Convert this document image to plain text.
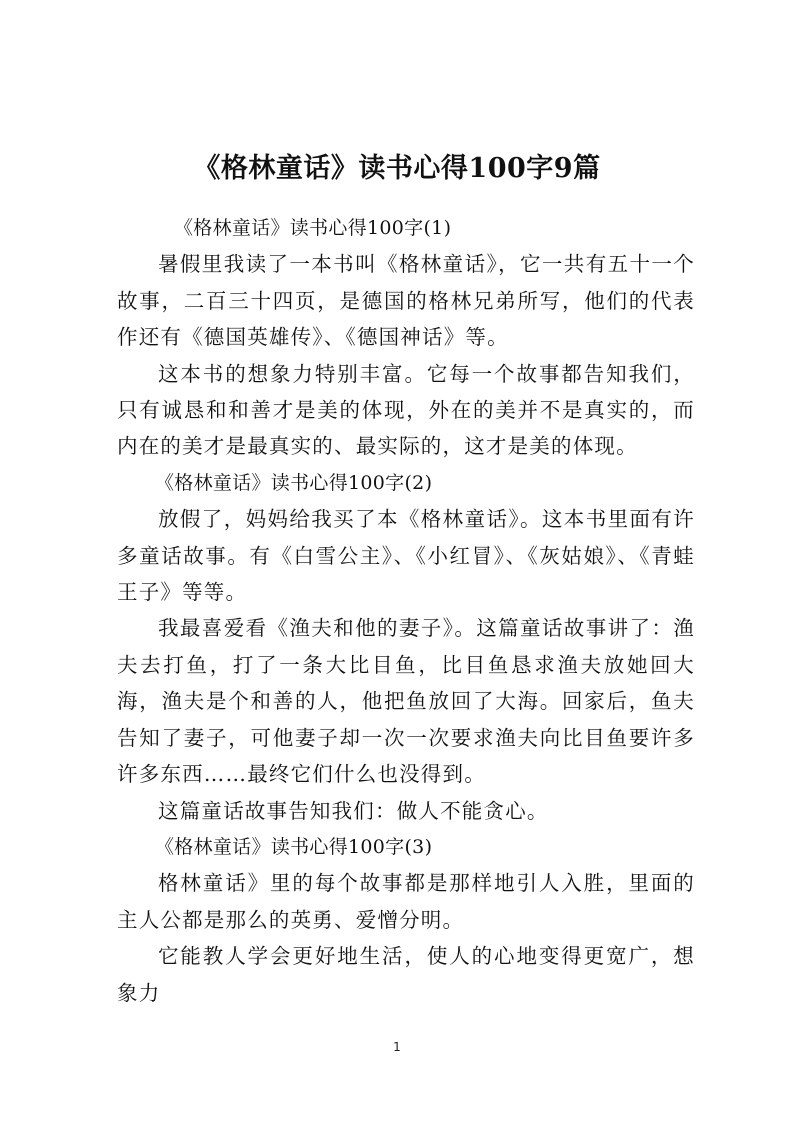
《格林童话》读书心得100字9篇

《格林童话》读书心得100字(1)

暑假里我读了一本书叫《格林童话》，它一共有五十一个故事，二百三十四页，是德国的格林兄弟所写，他们的代表作还有《德国英雄传》、《德国神话》等。

这本书的想象力特别丰富。它每一个故事都告知我们，只有诚恳和和善才是美的体现，外在的美并不是真实的，而内在的美才是最真实的、最实际的，这才是美的体现。

《格林童话》读书心得100字(2)

放假了，妈妈给我买了本《格林童话》。这本书里面有许多童话故事。有《白雪公主》、《小红冒》、《灰姑娘》、《青蛙王子》等等。

我最喜爱看《渔夫和他的妻子》。这篇童话故事讲了：渔夫去打鱼，打了一条大比目鱼，比目鱼恳求渔夫放她回大海，渔夫是个和善的人，他把鱼放回了大海。回家后，鱼夫告知了妻子，可他妻子却一次一次要求渔夫向比目鱼要许多许多东西……最终它们什么也没得到。

这篇童话故事告知我们：做人不能贪心。

《格林童话》读书心得100字(3)

格林童话》里的每个故事都是那样地引人入胜，里面的主人公都是那么的英勇、爱憎分明。

它能教人学会更好地生活，使人的心地变得更宽广，想象力

1
